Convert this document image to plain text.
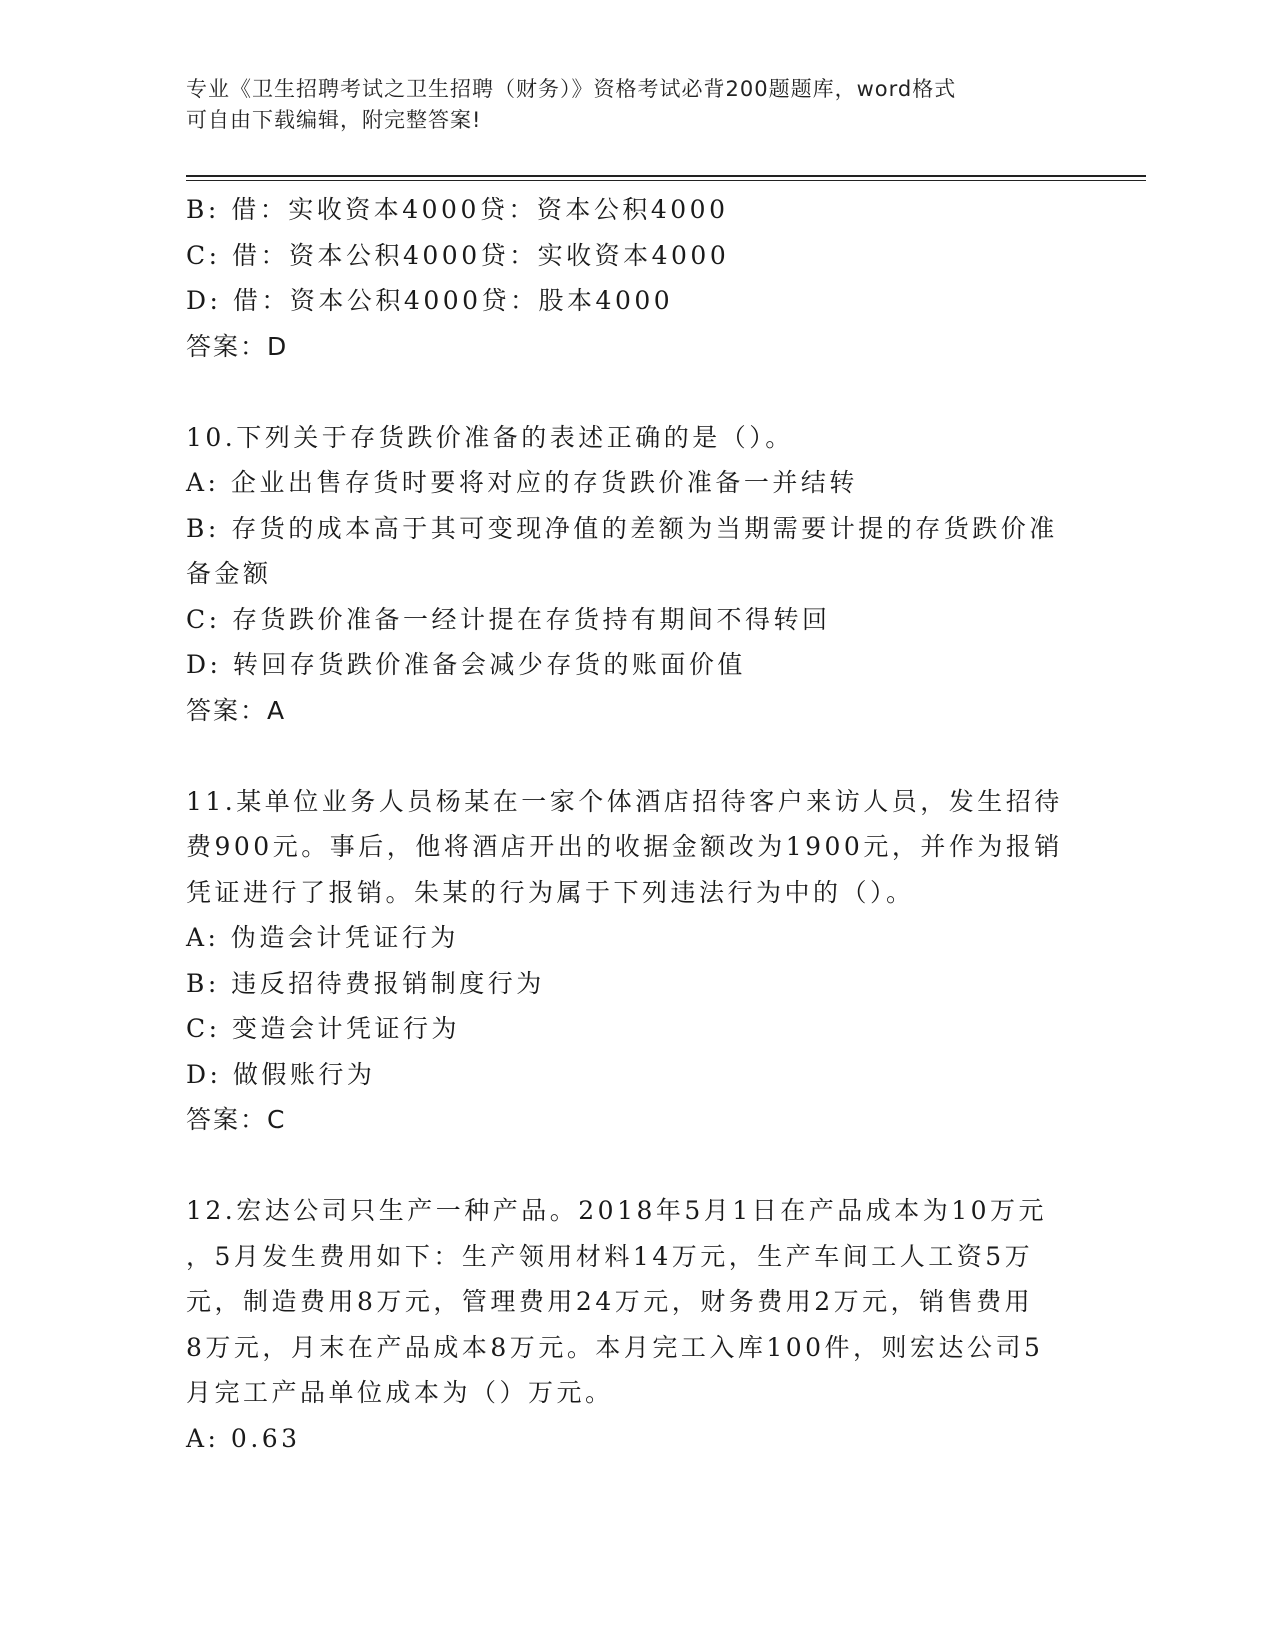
专业《卫生招聘考试之卫生招聘（财务）》资格考试必背200题题库，word格式
可自由下载编辑，附完整答案!
B: 借：实收资本4000贷：资本公积4000
C: 借：资本公积4000贷：实收资本4000
D: 借：资本公积4000贷：股本4000
答案：D
10.下列关于存货跌价准备的表述正确的是（）。
A: 企业出售存货时要将对应的存货跌价准备一并结转
B: 存货的成本高于其可变现净值的差额为当期需要计提的存货跌价准
备金额
C: 存货跌价准备一经计提在存货持有期间不得转回
D: 转回存货跌价准备会减少存货的账面价值
答案：A
11.某单位业务人员杨某在一家个体酒店招待客户来访人员，发生招待
费900元。事后，他将酒店开出的收据金额改为1900元，并作为报销
凭证进行了报销。朱某的行为属于下列违法行为中的（）。
A: 伪造会计凭证行为
B: 违反招待费报销制度行为
C: 变造会计凭证行为
D: 做假账行为
答案：C
12.宏达公司只生产一种产品。2018年5月1日在产品成本为10万元
，5月发生费用如下：生产领用材料14万元，生产车间工人工资5万
元，制造费用8万元，管理费用24万元，财务费用2万元，销售费用
8万元，月末在产品成本8万元。本月完工入库100件，则宏达公司5
月完工产品单位成本为（）万元。
A: 0.63
